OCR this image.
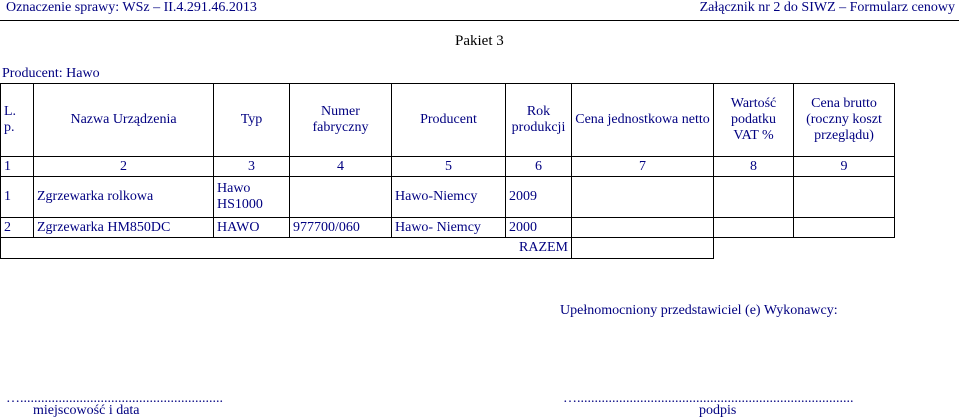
Oznaczenie sprawy: WSz – II.4.291.46.2013	Załącznik nr 2 do SIWZ – Formularz cenowy
Pakiet 3
Producent: Hawo
L. p.	Nazwa Urządzenia	Typ	Numer fabryczny	Producent	Rok produkcji	Cena jednostkowa netto	Wartość podatku VAT %	Cena brutto (roczny koszt przeglądu)
1	2	3	4	5	6	7	8	9
1	Zgrzewarka rolkowa	Hawo HS1000		Hawo-Niemcy	2009			
2	Zgrzewarka HM850DC	HAWO	977700/060	Hawo- Niemcy	2000			
RAZEM								
Upełnomocniony przedstawiciel (e) Wykonawcy:
…..........................................................	…...............................................................................
miejscowość i data	podpis
